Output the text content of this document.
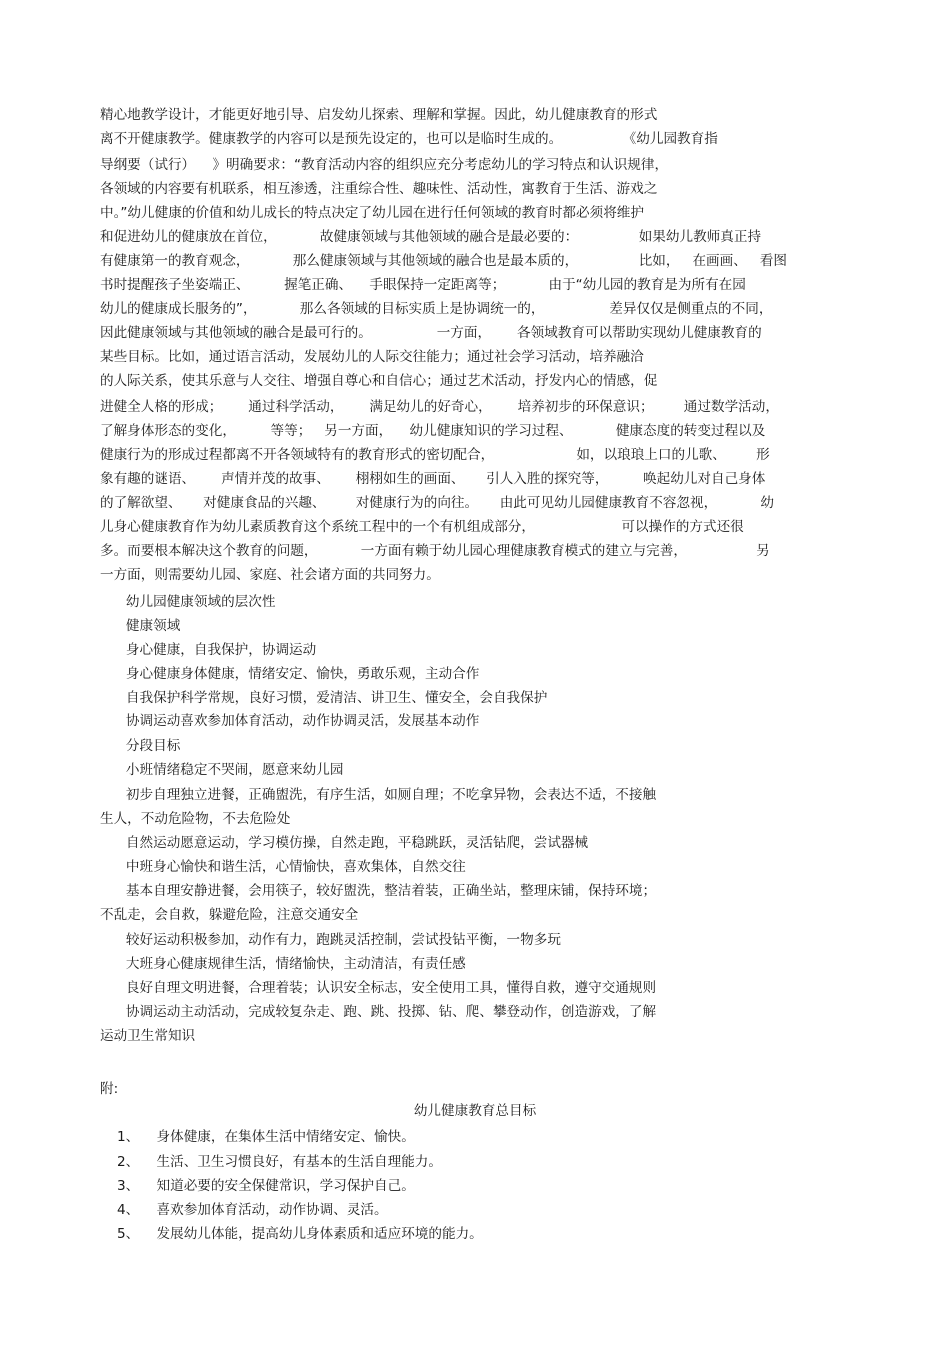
精心地教学设计，才能更好地引导、启发幼儿探索、理解和掌握。因此，幼儿健康教育的形式
离不开健康教学。健康教学的内容可以是预先设定的，也可以是临时生成的。              《幼儿园教育指
导纲要（试行）    》明确要求：“教育活动内容的组织应充分考虑幼儿的学习特点和认识规律，
各领域的内容要有机联系，相互渗透，注重综合性、趣味性、活动性，寓教育于生活、游戏之
中。”幼儿健康的价值和幼儿成长的特点决定了幼儿园在进行任何领域的教育时都必须将维护
和促进幼儿的健康放在首位，          故健康领域与其他领域的融合是最必要的：              如果幼儿教师真正持
有健康第一的教育观念，          那么健康领域与其他领域的融合也是最本质的，              比如，   在画画、   看图
书时提醒孩子坐姿端正、        握笔正确、    手眼保持一定距离等；          由于“幼儿园的教育是为所有在园
幼儿的健康成长服务的”，          那么各领域的目标实质上是协调统一的，               差异仅仅是侧重点的不同，
因此健康领域与其他领域的融合是最可行的。               一方面，      各领域教育可以帮助实现幼儿健康教育的
某些目标。比如，通过语言活动，发展幼儿的人际交往能力；通过社会学习活动，培养融洽
的人际关系，使其乐意与人交往、增强自尊心和自信心；通过艺术活动，抒发内心的情感，促
进健全人格的形成；      通过科学活动，      满足幼儿的好奇心，      培养初步的环保意识；       通过数学活动，
了解身体形态的变化，        等等；   另一方面，    幼儿健康知识的学习过程、          健康态度的转变过程以及
健康行为的形成过程都离不开各领域特有的教育形式的密切配合，                   如，以琅琅上口的儿歌、       形
象有趣的谜语、      声情并茂的故事、      栩栩如生的画面、     引人入胜的探究等，        唤起幼儿对自己身体
的了解欲望、     对健康食品的兴趣、       对健康行为的向往。     由此可见幼儿园健康教育不容忽视，          幼
儿身心健康教育作为幼儿素质教育这个系统工程中的一个有机组成部分，                    可以操作的方式还很
多。而要根本解决这个教育的问题，          一方面有赖于幼儿园心理健康教育模式的建立与完善，                另
一方面，则需要幼儿园、家庭、社会诸方面的共同努力。
幼儿园健康领域的层次性
健康领域
身心健康，自我保护，协调运动
身心健康身体健康，情绪安定、愉快，勇敢乐观，主动合作
自我保护科学常规，良好习惯，爱清洁、讲卫生、懂安全，会自我保护
协调运动喜欢参加体育活动，动作协调灵活，发展基本动作
分段目标
小班情绪稳定不哭闹，愿意来幼儿园
初步自理独立进餐，正确盥洗，有序生活，如厕自理；不吃拿异物，会表达不适，不接触
生人，不动危险物，不去危险处
自然运动愿意运动，学习模仿操，自然走跑，平稳跳跃，灵活钻爬，尝试器械
中班身心愉快和谐生活，心情愉快，喜欢集体，自然交往
基本自理安静进餐，会用筷子，较好盥洗，整洁着装，正确坐站，整理床铺，保持环境；
不乱走，会自救，躲避危险，注意交通安全
较好运动积极参加，动作有力，跑跳灵活控制，尝试投钻平衡，一物多玩
大班身心健康规律生活，情绪愉快，主动清洁，有责任感
良好自理文明进餐，合理着装；认识安全标志，安全使用工具，懂得自救，遵守交通规则
协调运动主动活动，完成较复杂走、跑、跳、投掷、钻、爬、攀登动作，创造游戏，了解
运动卫生常知识
附:
幼儿健康教育总目标
1、    身体健康，在集体生活中情绪安定、愉快。
2、    生活、卫生习惯良好，有基本的生活自理能力。
3、    知道必要的安全保健常识，学习保护自己。
4、    喜欢参加体育活动，动作协调、灵活。
5、    发展幼儿体能，提高幼儿身体素质和适应环境的能力。
